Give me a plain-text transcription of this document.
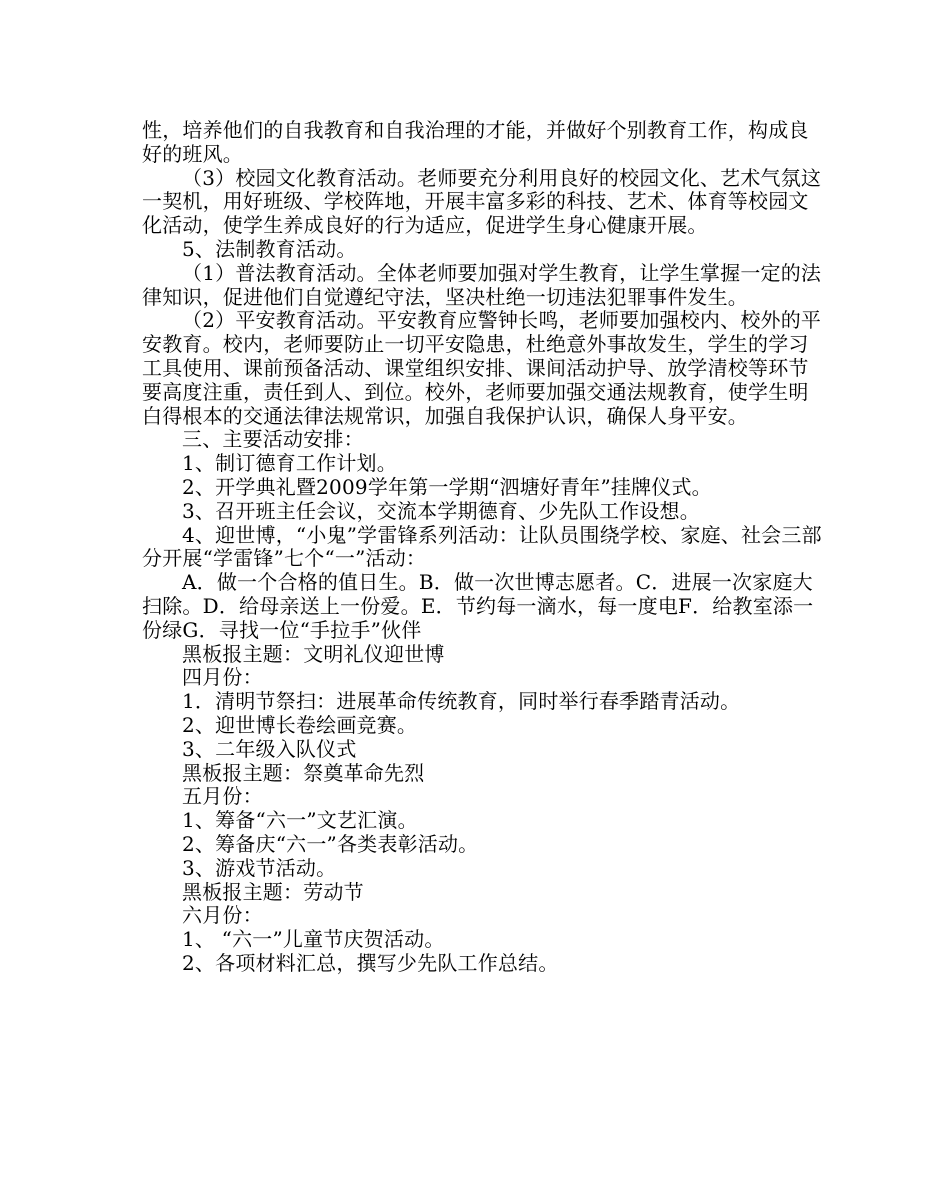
性，培养他们的自我教育和自我治理的才能，并做好个别教育工作，构成良好的班风。

（3）校园文化教育活动。老师要充分利用良好的校园文化、艺术气氛这一契机，用好班级、学校阵地，开展丰富多彩的科技、艺术、体育等校园文化活动，使学生养成良好的行为适应，促进学生身心健康开展。

5、法制教育活动。

（1）普法教育活动。全体老师要加强对学生教育，让学生掌握一定的法律知识，促进他们自觉遵纪守法，坚决杜绝一切违法犯罪事件发生。

（2）平安教育活动。平安教育应警钟长鸣，老师要加强校内、校外的平安教育。校内，老师要防止一切平安隐患，杜绝意外事故发生，学生的学习工具使用、课前预备活动、课堂组织安排、课间活动护导、放学清校等环节要高度注重，责任到人、到位。校外，老师要加强交通法规教育，使学生明白得根本的交通法律法规常识，加强自我保护认识，确保人身平安。

三、主要活动安排：

1、制订德育工作计划。

2、开学典礼暨2009学年第一学期“泗塘好青年”挂牌仪式。

3、召开班主任会议，交流本学期德育、少先队工作设想。

4、迎世博，“小鬼”学雷锋系列活动：让队员围绕学校、家庭、社会三部分开展“学雷锋”七个“一”活动：

A．做一个合格的值日生。B．做一次世博志愿者。C．进展一次家庭大扫除。D．给母亲送上一份爱。E．节约每一滴水，每一度电F．给教室添一份绿G．寻找一位“手拉手”伙伴

黑板报主题：文明礼仪迎世博

四月份：

1．清明节祭扫：进展革命传统教育，同时举行春季踏青活动。

2、迎世博长卷绘画竞赛。

3、二年级入队仪式

黑板报主题：祭奠革命先烈

五月份：

1、筹备“六一”文艺汇演。

2、筹备庆“六一”各类表彰活动。

3、游戏节活动。

黑板报主题：劳动节

六月份：

1、 “六一”儿童节庆贺活动。

2、各项材料汇总，撰写少先队工作总结。
